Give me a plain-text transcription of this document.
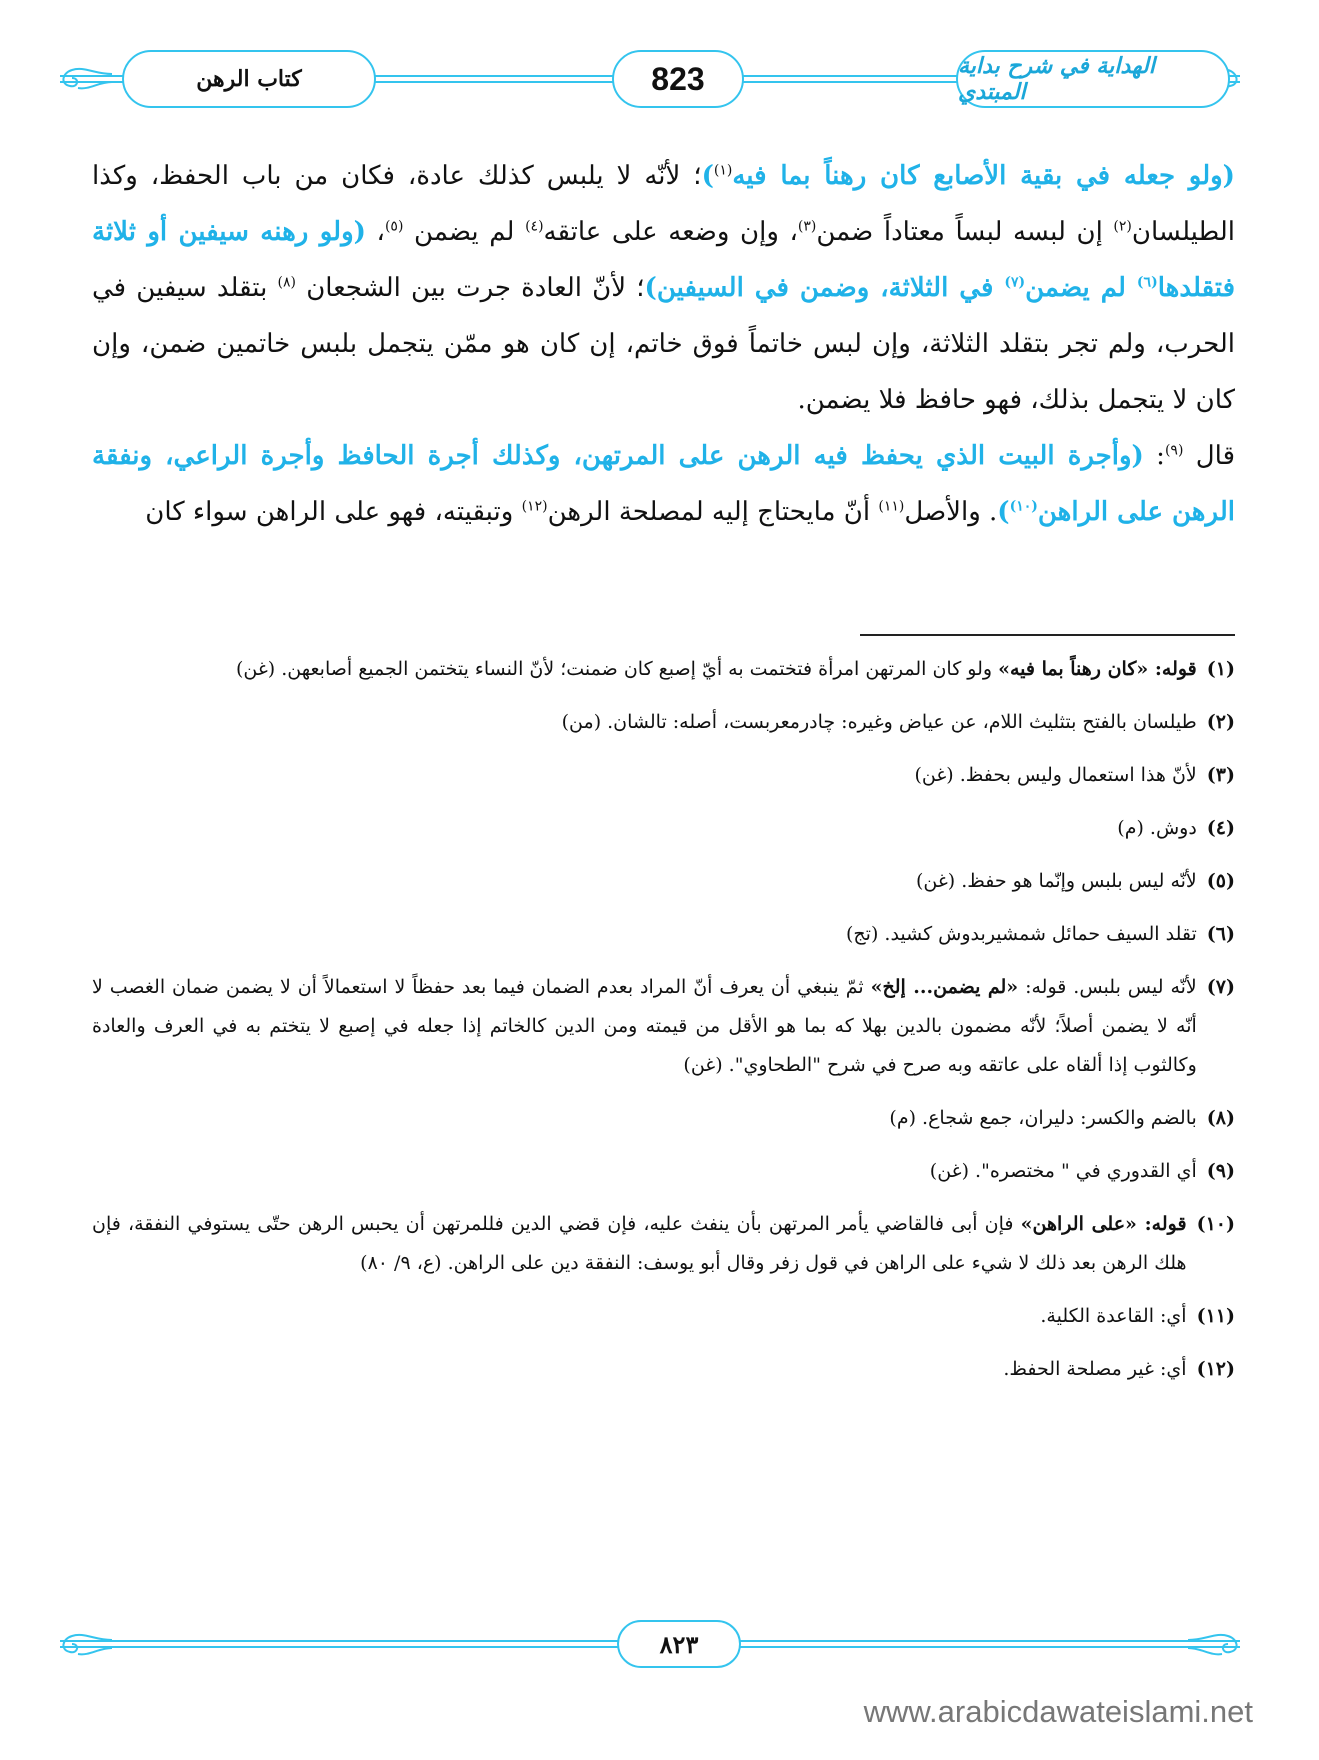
كتاب الرهن	823	الهداية في شرح بداية المبتدي

(ولو جعله في بقية الأصابع كان رهناً بما فيه$^{(١)}$)؛ لأنّه لا يلبس كذلك عادة، فكان من باب الحفظ، وكذا الطيلسان$^{(٢)}$ إن لبسه لبساً معتاداً ضمن$^{(٣)}$، وإن وضعه على عاتقه$^{(٤)}$ لم يضمن $^{(٥)}$، (ولو رهنه سيفين أو ثلاثة فتقلدها$^{(٦)}$ لم يضمن$^{(٧)}$ في الثلاثة، وضمن في السيفين)؛ لأنّ العادة جرت بين الشجعان $^{(٨)}$ بتقلد سيفين في الحرب، ولم تجر بتقلد الثلاثة، وإن لبس خاتماً فوق خاتم، إن كان هو ممّن يتجمل بلبس خاتمين ضمن، وإن كان لا يتجمل بذلك، فهو حافظ فلا يضمن.

قال $^{(٩)}$: (وأجرة البيت الذي يحفظ فيه الرهن على المرتهن، وكذلك أجرة الحافظ وأجرة الراعي، ونفقة الرهن على الراهن$^{(١٠)}$). والأصل$^{(١١)}$ أنّ مايحتاج إليه لمصلحة الرهن$^{(١٢)}$ وتبقيته، فهو على الراهن سواء كان

(١)
قوله: «كان رهناً بما فيه» ولو كان المرتهن امرأة فتختمت به أيّ إصبع كان ضمنت؛ لأنّ النساء يتختمن الجميع أصابعهن. (غن)
(٢)
طيلسان بالفتح بتثليث اللام، عن عياض وغيره: چادرمعربست، أصله: تالشان. (من)
(٣)
لأنّ هذا استعمال وليس بحفظ. (غن)
(٤)
دوش. (م)
(٥)
لأنّه ليس بلبس وإنّما هو حفظ. (غن)
(٦)
تقلد السيف حمائل شمشيربدوش كشيد. (تج)
(٧)
لأنّه ليس بلبس. قوله: «لم يضمن... إلخ» ثمّ ينبغي أن يعرف أنّ المراد بعدم الضمان فيما بعد حفظاً لا استعمالاً أن لا يضمن ضمان الغصب لا أنّه لا يضمن أصلاً؛ لأنّه مضمون بالدين بهلا كه بما هو الأقل من قيمته ومن الدين كالخاتم إذا جعله في إصبع لا يتختم به في العرف والعادة وكالثوب إذا ألقاه على عاتقه وبه صرح في شرح "الطحاوي". (غن)
(٨)
بالضم والكسر: دليران، جمع شجاع. (م)
(٩)
أي القدوري في " مختصره". (غن)
(١٠)
قوله: «على الراهن» فإن أبى فالقاضي يأمر المرتهن بأن ينفث عليه، فإن قضي الدين فللمرتهن أن يحبس الرهن حتّى يستوفي النفقة، فإن هلك الرهن بعد ذلك لا شيء على الراهن في قول زفر وقال أبو يوسف: النفقة دين على الراهن. (ع، ٩/ ٨٠)
(١١)
أي: القاعدة الكلية.
(١٢)
أي: غير مصلحة الحفظ.
٨٢٣
www.arabicdawateislami.net
